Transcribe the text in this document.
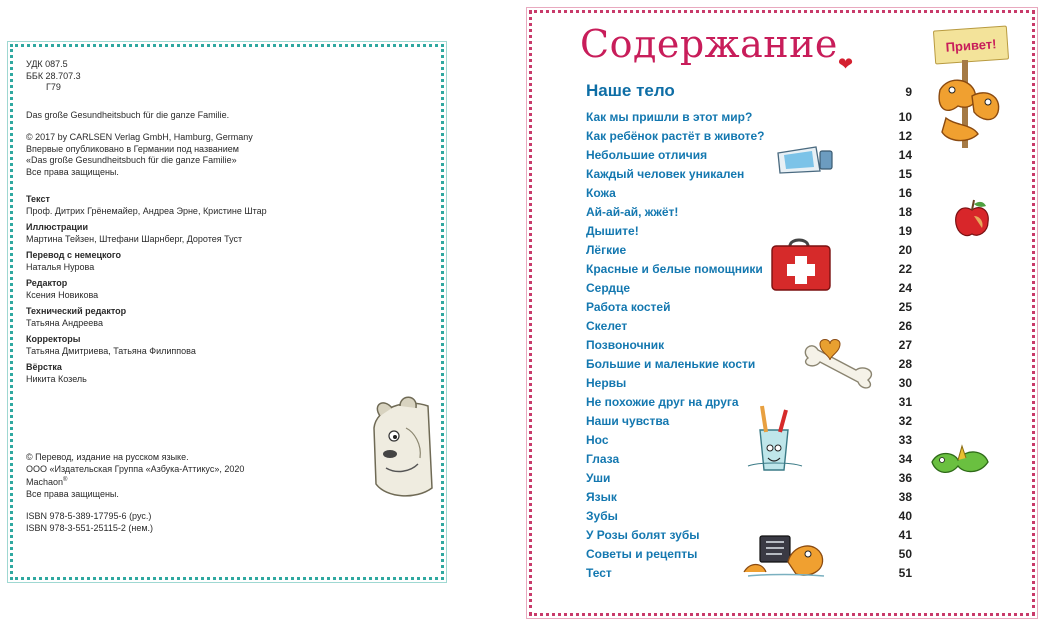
УДК 087.5
ББК 28.707.3
Г79
Das große Gesundheitsbuch für die ganze Familie.
© 2017 by CARLSEN Verlag GmbH, Hamburg, Germany
Впервые опубликовано в Германии под названием
«Das große Gesundheitsbuch für die ganze Familie»
Все права защищены.
Текст
Проф. Дитрих Грёнемайер, Андреа Эрне, Кристине Штар
Иллюстрации
Мартина Тейзен, Штефани Шарнберг, Доротея Туст
Перевод с немецкого
Наталья Нурова
Редактор
Ксения Новикова
Технический редактор
Татьяна Андреева
Корректоры
Татьяна Дмитриева, Татьяна Филиппова
Вёрстка
Никита Козель
© Перевод, издание на русском языке.
ООО «Издательская Группа «Азбука-Аттикус», 2020
Machaon®
Все права защищены.
ISBN 978-5-389-17795-6 (рус.)
ISBN 978-3-551-25115-2 (нем.)
Содержание ❤
Наше тело	9
Как мы пришли в этот мир?	10
Как ребёнок растёт в животе?	12
Небольшие отличия	14
Каждый человек уникален	15
Кожа	16
Ай-ай-ай, жжёт!	18
Дышите!	19
Лёгкие	20
Красные и белые помощники	22
Сердце	24
Работа костей	25
Скелет	26
Позвоночник	27
Большие и маленькие кости	28
Нервы	30
Не похожие друг на друга	31
Наши чувства	32
Нос	33
Глаза	34
Уши	36
Язык	38
Зубы	40
У Розы болят зубы	41
Советы и рецепты	50
Тест	51
Привет!
